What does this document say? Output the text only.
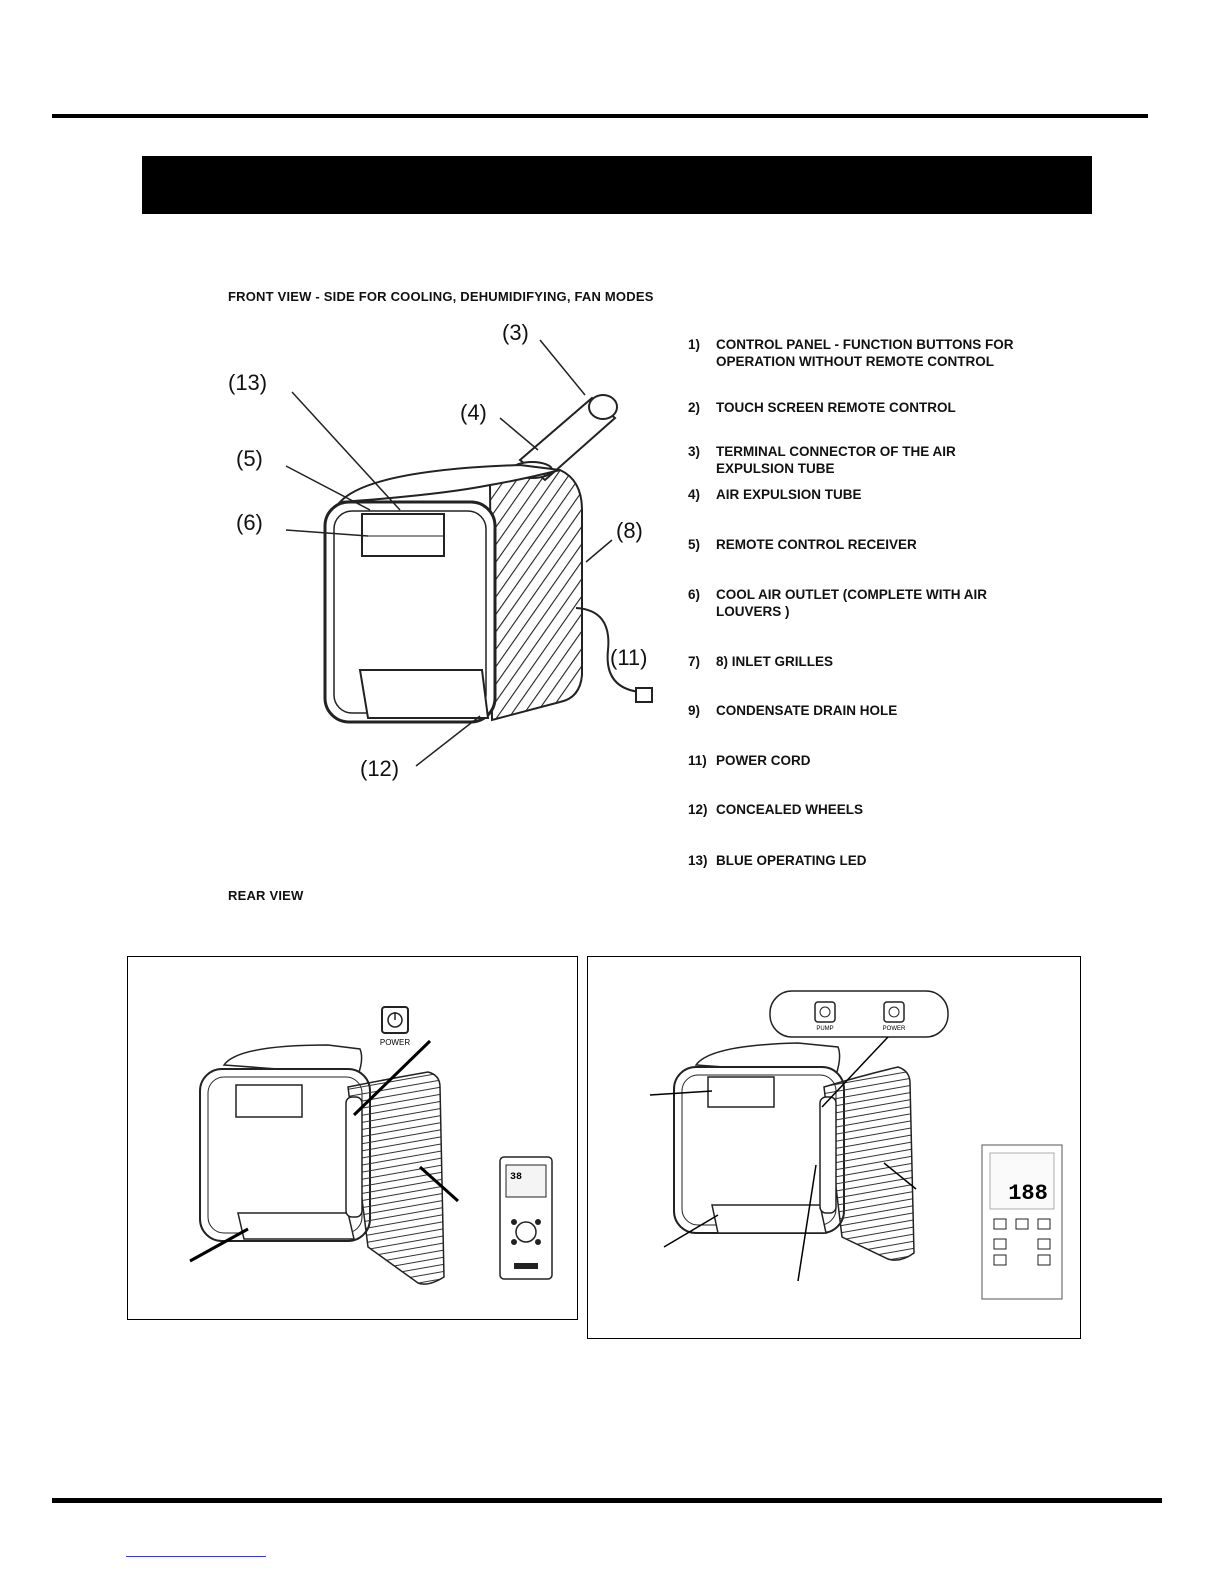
FRONT VIEW - SIDE FOR COOLING, DEHUMIDIFYING, FAN MODES
(3)
(13)
(4)
(5)
(6)	(8)
(11)
(12)
1)	CONTROL PANEL - FUNCTION BUTTONS FOR OPERATION WITHOUT REMOTE CONTROL
2)	TOUCH SCREEN REMOTE CONTROL
3)	TERMINAL CONNECTOR OF THE AIR EXPULSION TUBE
4)	AIR EXPULSION TUBE
5)	REMOTE CONTROL RECEIVER
6)	COOL AIR OUTLET (COMPLETE WITH AIR LOUVERS )
7)	8) INLET GRILLES
9)	CONDENSATE DRAIN HOLE
11) POWER CORD
12) CONCEALED WHEELS
13) BLUE OPERATING LED
REAR VIEW
POWER
38
PUMP	POWER
188
